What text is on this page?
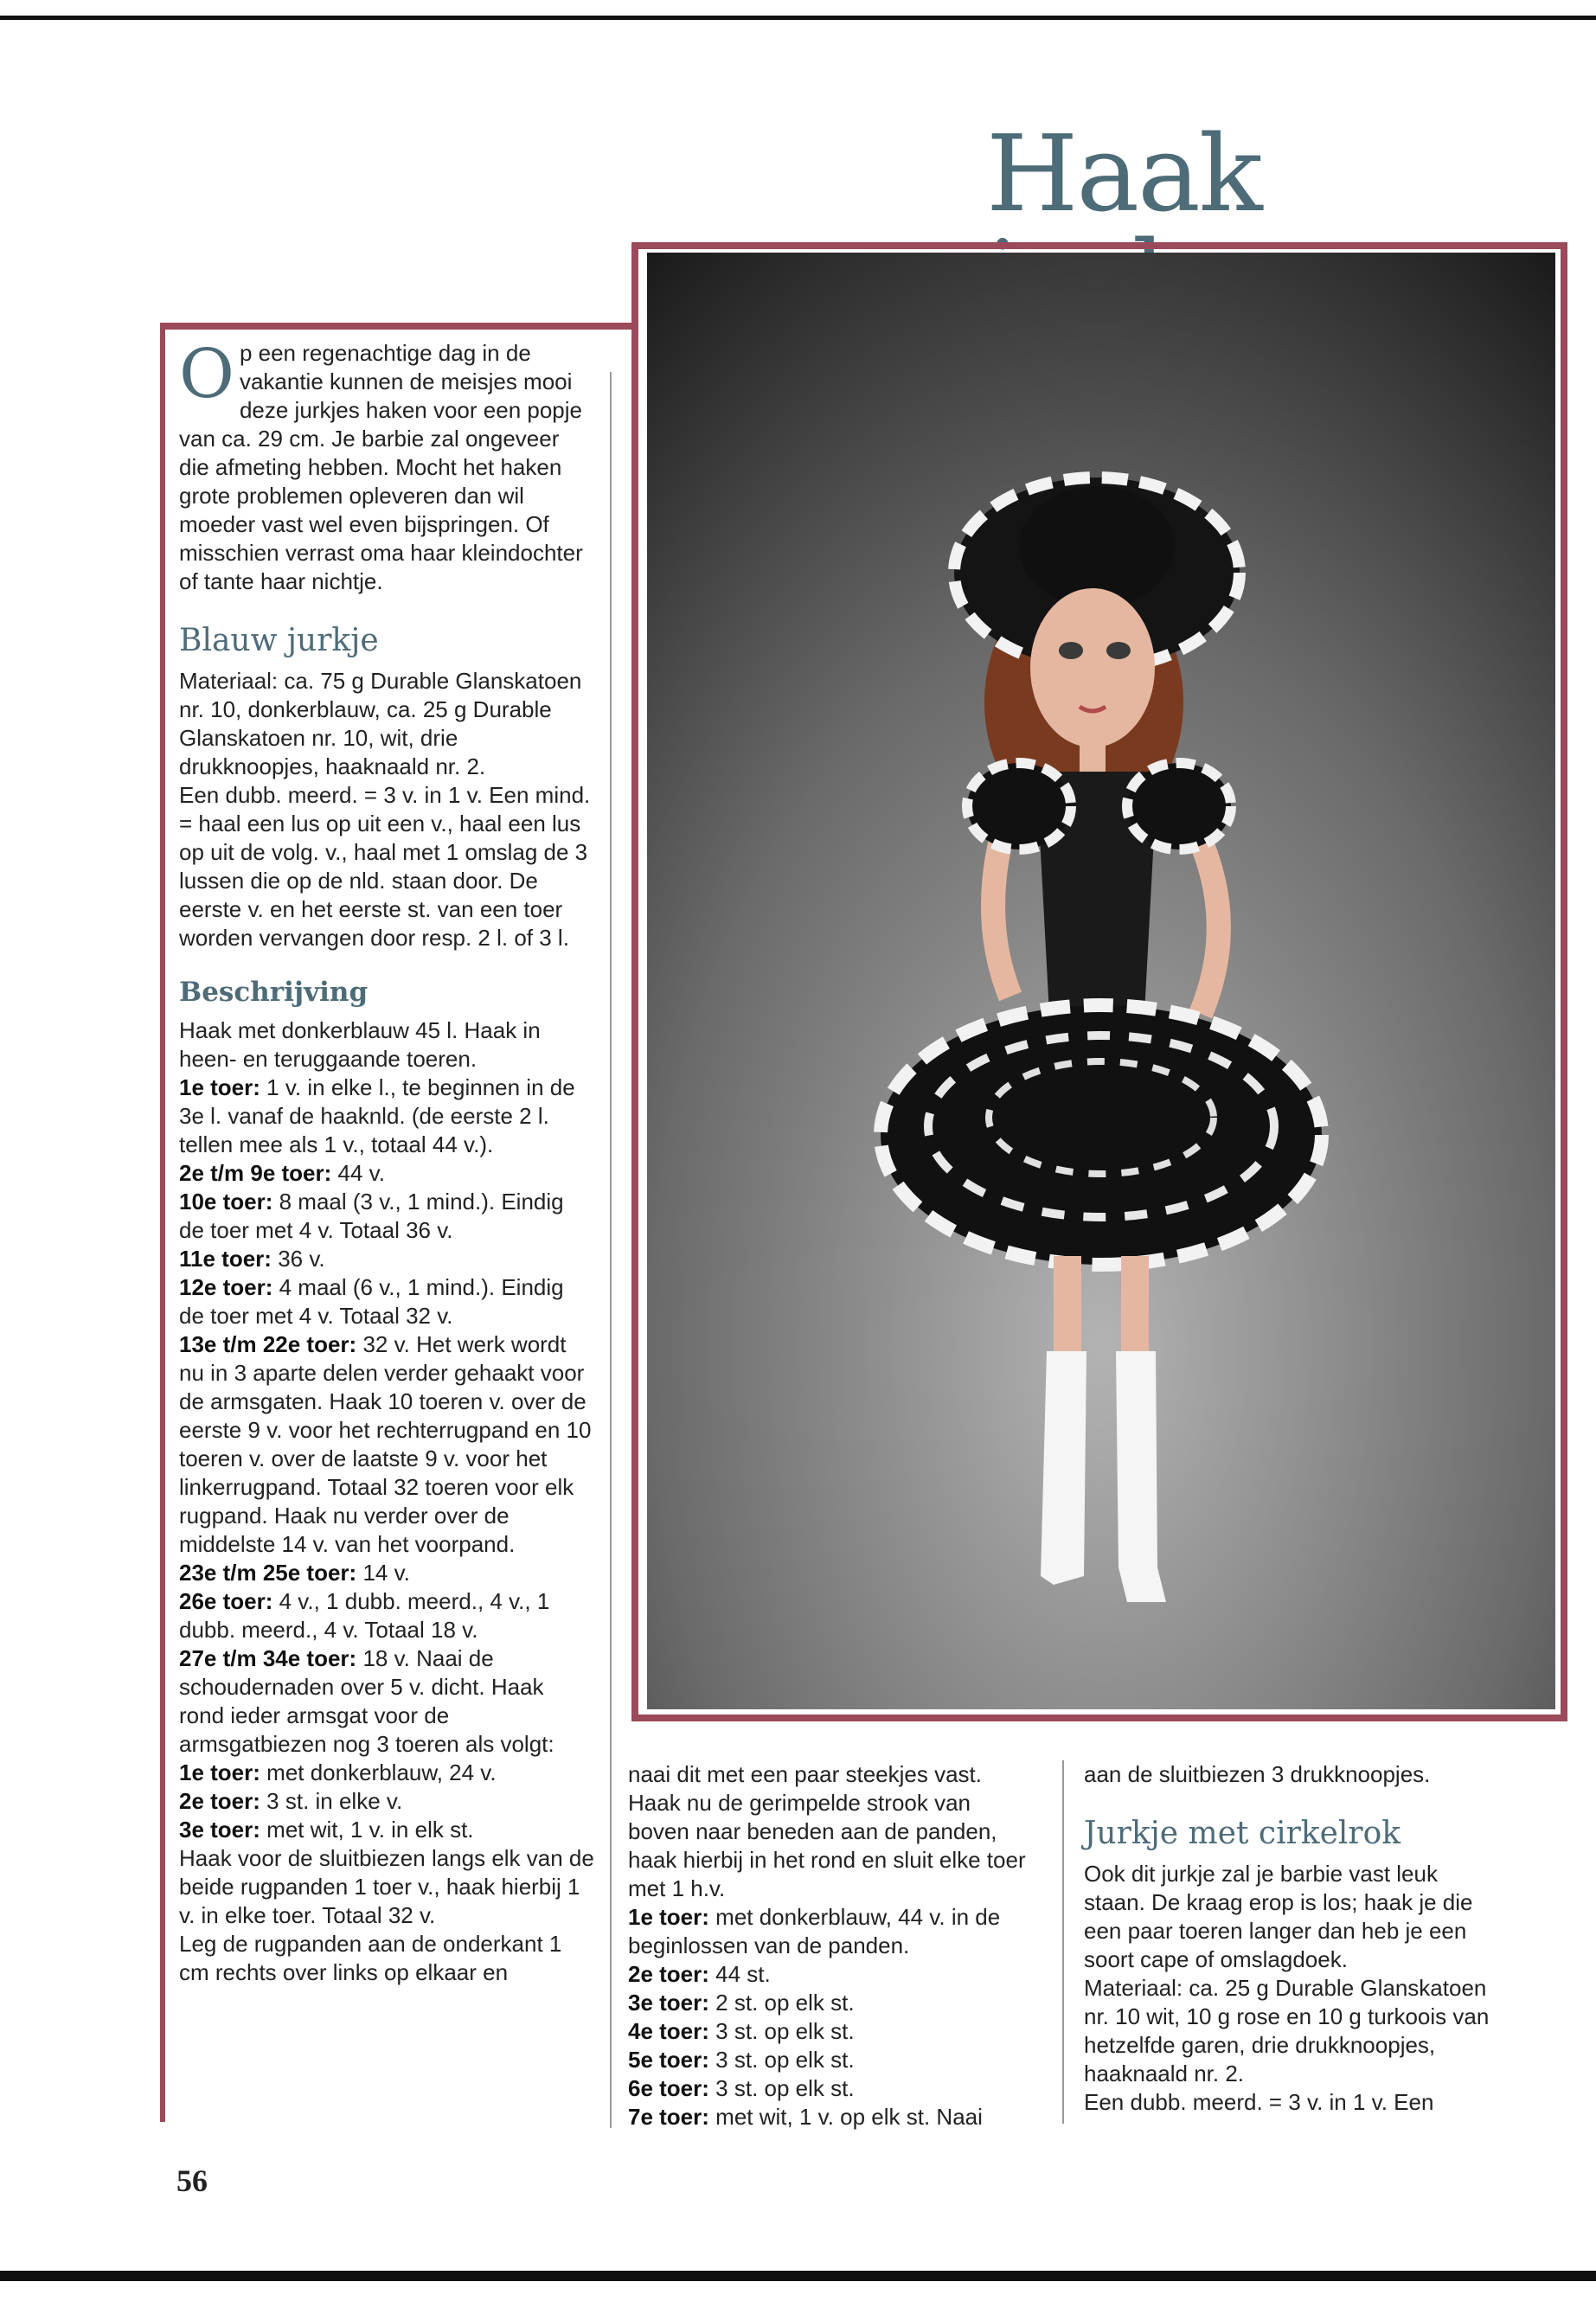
Haak

Op een regenachtige dag in de vakantie kunnen de meisjes mooi deze jurkjes haken voor een popje van ca. 29 cm. Je barbie zal ongeveer die afmeting hebben. Mocht het haken grote problemen opleveren dan wil moeder vast wel even bijspringen. Of misschien verrast oma haar kleindochter of tante haar nichtje.

Blauw jurkje

Materiaal: ca. 75 g Durable Glanskatoen nr. 10, donkerblauw, ca. 25 g Durable Glanskatoen nr. 10, wit, drie drukknoopjes, haaknaald nr. 2.

Een dubb. meerd. = 3 v. in 1 v. Een mind. = haal een lus op uit een v., haal een lus op uit de volg. v., haal met 1 omslag de 3 lussen die op de nld. staan door. De eerste v. en het eerste st. van een toer worden vervangen door resp. 2 l. of 3 l.

Beschrijving

Haak met donkerblauw 45 l. Haak in heen- en teruggaande toeren.

1e toer: 1 v. in elke l., te beginnen in de 3e l. vanaf de haaknld. (de eerste 2 l. tellen mee als 1 v., totaal 44 v.).

2e t/m 9e toer: 44 v.

10e toer: 8 maal (3 v., 1 mind.). Eindig de toer met 4 v. Totaal 36 v.

11e toer: 36 v.

12e toer: 4 maal (6 v., 1 mind.). Eindig de toer met 4 v. Totaal 32 v.

13e t/m 22e toer: 32 v. Het werk wordt nu in 3 aparte delen verder gehaakt voor de armsgaten. Haak 10 toeren v. over de eerste 9 v. voor het rechterrugpand en 10 toeren v. over de laatste 9 v. voor het linkerrugpand. Totaal 32 toeren voor elk rugpand. Haak nu verder over de middelste 14 v. van het voorpand.

23e t/m 25e toer: 14 v.

26e toer: 4 v., 1 dubb. meerd., 4 v., 1 dubb. meerd., 4 v. Totaal 18 v.

27e t/m 34e toer: 18 v. Naai de schoudernaden over 5 v. dicht. Haak rond ieder armsgat voor de armsgatbiezen nog 3 toeren als volgt:

1e toer: met donkerblauw, 24 v.

2e toer: 3 st. in elke v.

3e toer: met wit, 1 v. in elk st.

Haak voor de sluitbiezen langs elk van de beide rugpanden 1 toer v., haak hierbij 1 v. in elke toer. Totaal 32 v.

Leg de rugpanden aan de onderkant 1 cm rechts over links op elkaar en

naai dit met een paar steekjes vast. Haak nu de gerimpelde strook van boven naar beneden aan de panden, haak hierbij in het rond en sluit elke toer met 1 h.v.

1e toer: met donkerblauw, 44 v. in de beginlossen van de panden.

2e toer: 44 st.

3e toer: 2 st. op elk st.

4e toer: 3 st. op elk st.

5e toer: 3 st. op elk st.

6e toer: 3 st. op elk st.

7e toer: met wit, 1 v. op elk st. Naai

aan de sluitbiezen 3 drukknoopjes.

Jurkje met cirkelrok

Ook dit jurkje zal je barbie vast leuk staan. De kraag erop is los; haak je die een paar toeren langer dan heb je een soort cape of omslagdoek.

Materiaal: ca. 25 g Durable Glanskatoen nr. 10 wit, 10 g rose en 10 g turkoois van hetzelfde garen, drie drukknoopjes, haaknaald nr. 2.

Een dubb. meerd. = 3 v. in 1 v. Een

56
